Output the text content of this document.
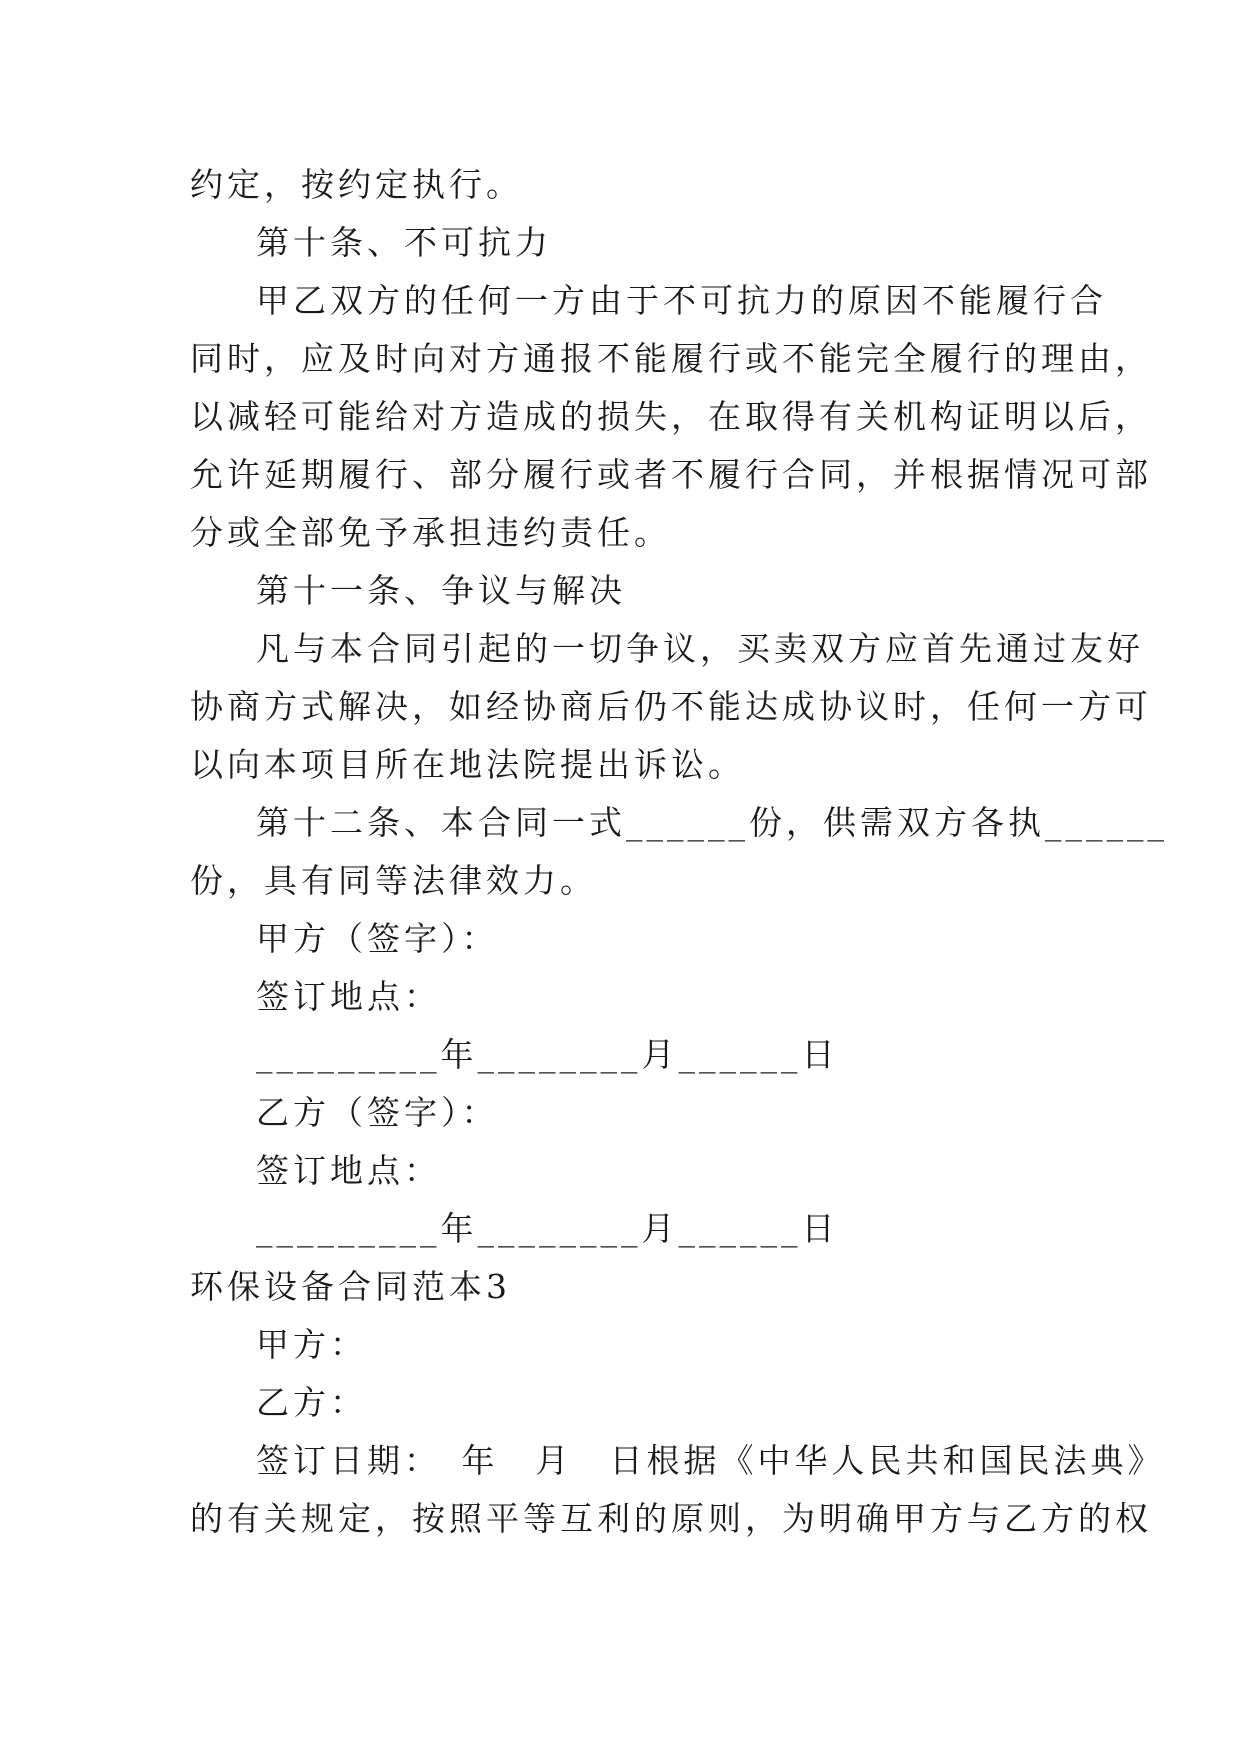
约定，按约定执行。
第十条、不可抗力
甲乙双方的任何一方由于不可抗力的原因不能履行合
同时，应及时向对方通报不能履行或不能完全履行的理由，
以减轻可能给对方造成的损失，在取得有关机构证明以后，
允许延期履行、部分履行或者不履行合同，并根据情况可部
分或全部免予承担违约责任。
第十一条、争议与解决
凡与本合同引起的一切争议，买卖双方应首先通过友好
协商方式解决，如经协商后仍不能达成协议时，任何一方可
以向本项目所在地法院提出诉讼。
第十二条、本合同一式______份，供需双方各执______
份，具有同等法律效力。
甲方（签字）：
签订地点：
_________年________月______日
乙方（签字）：
签订地点：
_________年________月______日
环保设备合同范本3
甲方：
乙方：
签订日期：　年　月　日根据《中华人民共和国民法典》
的有关规定，按照平等互利的原则，为明确甲方与乙方的权
